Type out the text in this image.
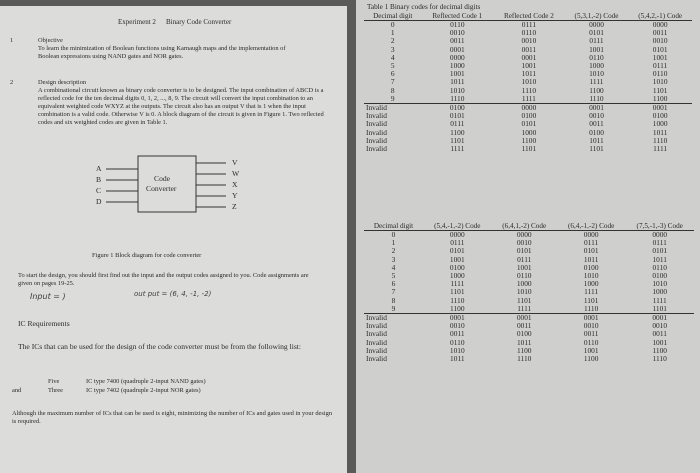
Experiment 2 Binary Code Converter
1	Objective
To learn the minimization of Boolean functions using Karnaugh maps and the implementation of Boolean expressions using NAND gates and NOR gates.
2	Design description
A combinational circuit known as binary code converter is to be designed. The input combination of ABCD is a reflected code for the ten decimal digits 0, 1, 2, ..., 8, 9. The circuit will convert the input combination to an equivalent weighted code WXYZ at the outputs. The circuit also has an output V that is 1 when the input combination is a valid code. Otherwise V is 0. A block diagram of the circuit is given in Figure 1. Two reflected codes and six weighted codes are given in Table 1.
Code
Converter
A
B
C
D
V
W
X
Y
Z
Figure 1 Block diagram for code converter
To start the design, you should first find out the input and the output codes assigned to you. Code assignments are given on pages 19-25.
Input = )	out put = (6, 4, -1, -2)
IC Requirements
The ICs that can be used for the design of the code converter must be from the following list:
Five	IC type 7400 (quadruple 2-input NAND gates)
and	Three	IC type 7402 (quadruple 2-input NOR gates)
Although the maximum number of ICs that can be used is eight, minimizing the number of ICs and gates used in your design is required.
Table 1 Binary codes for decimal digits
Decimal digit	Reflected Code 1	Reflected Code 2	(5,3,1,-2) Code	(5,4,2,-1) Code
0	0110	0111	0000	0000
1	0010	0110	0101	0011
2	0011	0010	0111	0010
3	0001	0011	1001	0101
4	0000	0001	0110	1001
5	1000	1001	1000	0111
6	1001	1011	1010	0110
7	1011	1010	1111	1010
8	1010	1110	1100	1101
9	1110	1111	1110	1100
Invalid	0100	0000	0001	0001
Invalid	0101	0100	0010	0100
Invalid	0111	0101	0011	1000
Invalid	1100	1000	0100	1011
Invalid	1101	1100	1011	1110
Invalid	1111	1101	1101	1111
Decimal digit	(5,4,-1,-2) Code	(6,4,1,-2) Code	(6,4,-1,-2) Code	(7,5,-1,-3) Code
0	0000	0000	0000	0000
1	0111	0010	0111	0111
2	0101	0101	0101	0101
3	1001	0111	1011	1011
4	0100	1001	0100	0110
5	1000	0110	1010	0100
6	1111	1000	1000	1010
7	1101	1010	1111	1000
8	1110	1101	1101	1111
9	1100	1111	1110	1101
Invalid	0001	0001	0001	0001
Invalid	0010	0011	0010	0010
Invalid	0011	0100	0011	0011
Invalid	0110	1011	0110	1001
Invalid	1010	1100	1001	1100
Invalid	1011	1110	1100	1110
